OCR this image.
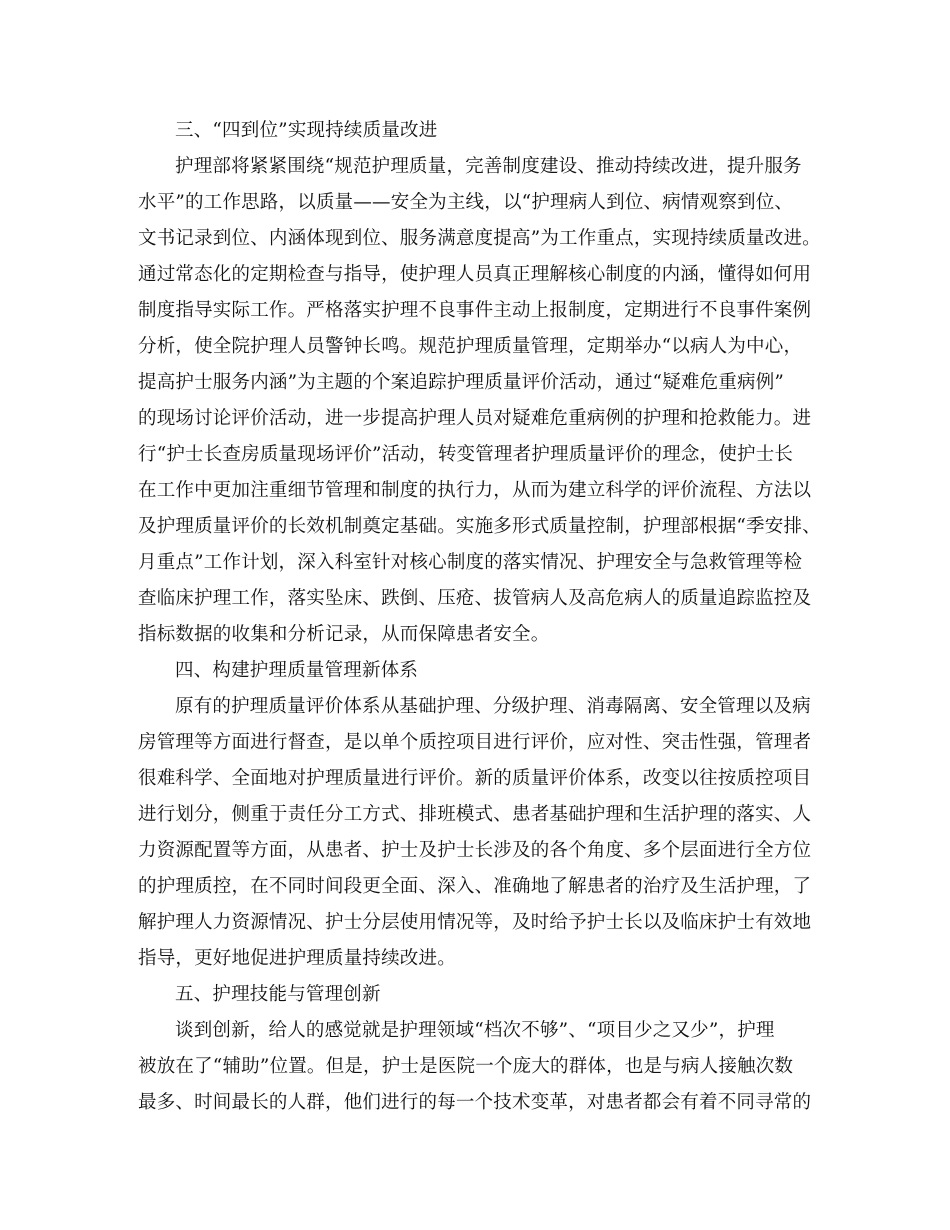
三、“四到位”实现持续质量改进
护理部将紧紧围绕“规范护理质量，完善制度建设、推动持续改进，提升服务
水平”的工作思路，以质量——安全为主线，以“护理病人到位、病情观察到位、
文书记录到位、内涵体现到位、服务满意度提高”为工作重点，实现持续质量改进。
通过常态化的定期检查与指导，使护理人员真正理解核心制度的内涵，懂得如何用
制度指导实际工作。严格落实护理不良事件主动上报制度，定期进行不良事件案例
分析，使全院护理人员警钟长鸣。规范护理质量管理，定期举办“以病人为中心，
提高护士服务内涵”为主题的个案追踪护理质量评价活动，通过“疑难危重病例”
的现场讨论评价活动，进一步提高护理人员对疑难危重病例的护理和抢救能力。进
行“护士长查房质量现场评价”活动，转变管理者护理质量评价的理念，使护士长
在工作中更加注重细节管理和制度的执行力，从而为建立科学的评价流程、方法以
及护理质量评价的长效机制奠定基础。实施多形式质量控制，护理部根据“季安排、
月重点”工作计划，深入科室针对核心制度的落实情况、护理安全与急救管理等检
查临床护理工作，落实坠床、跌倒、压疮、拔管病人及高危病人的质量追踪监控及
指标数据的收集和分析记录，从而保障患者安全。
四、构建护理质量管理新体系
原有的护理质量评价体系从基础护理、分级护理、消毒隔离、安全管理以及病
房管理等方面进行督查，是以单个质控项目进行评价，应对性、突击性强，管理者
很难科学、全面地对护理质量进行评价。新的质量评价体系，改变以往按质控项目
进行划分，侧重于责任分工方式、排班模式、患者基础护理和生活护理的落实、人
力资源配置等方面，从患者、护士及护士长涉及的各个角度、多个层面进行全方位
的护理质控，在不同时间段更全面、深入、准确地了解患者的治疗及生活护理，了
解护理人力资源情况、护士分层使用情况等，及时给予护士长以及临床护士有效地
指导，更好地促进护理质量持续改进。
五、护理技能与管理创新
谈到创新，给人的感觉就是护理领域“档次不够”、“项目少之又少”，护理
被放在了“辅助”位置。但是，护士是医院一个庞大的群体，也是与病人接触次数
最多、时间最长的人群，他们进行的每一个技术变革，对患者都会有着不同寻常的
